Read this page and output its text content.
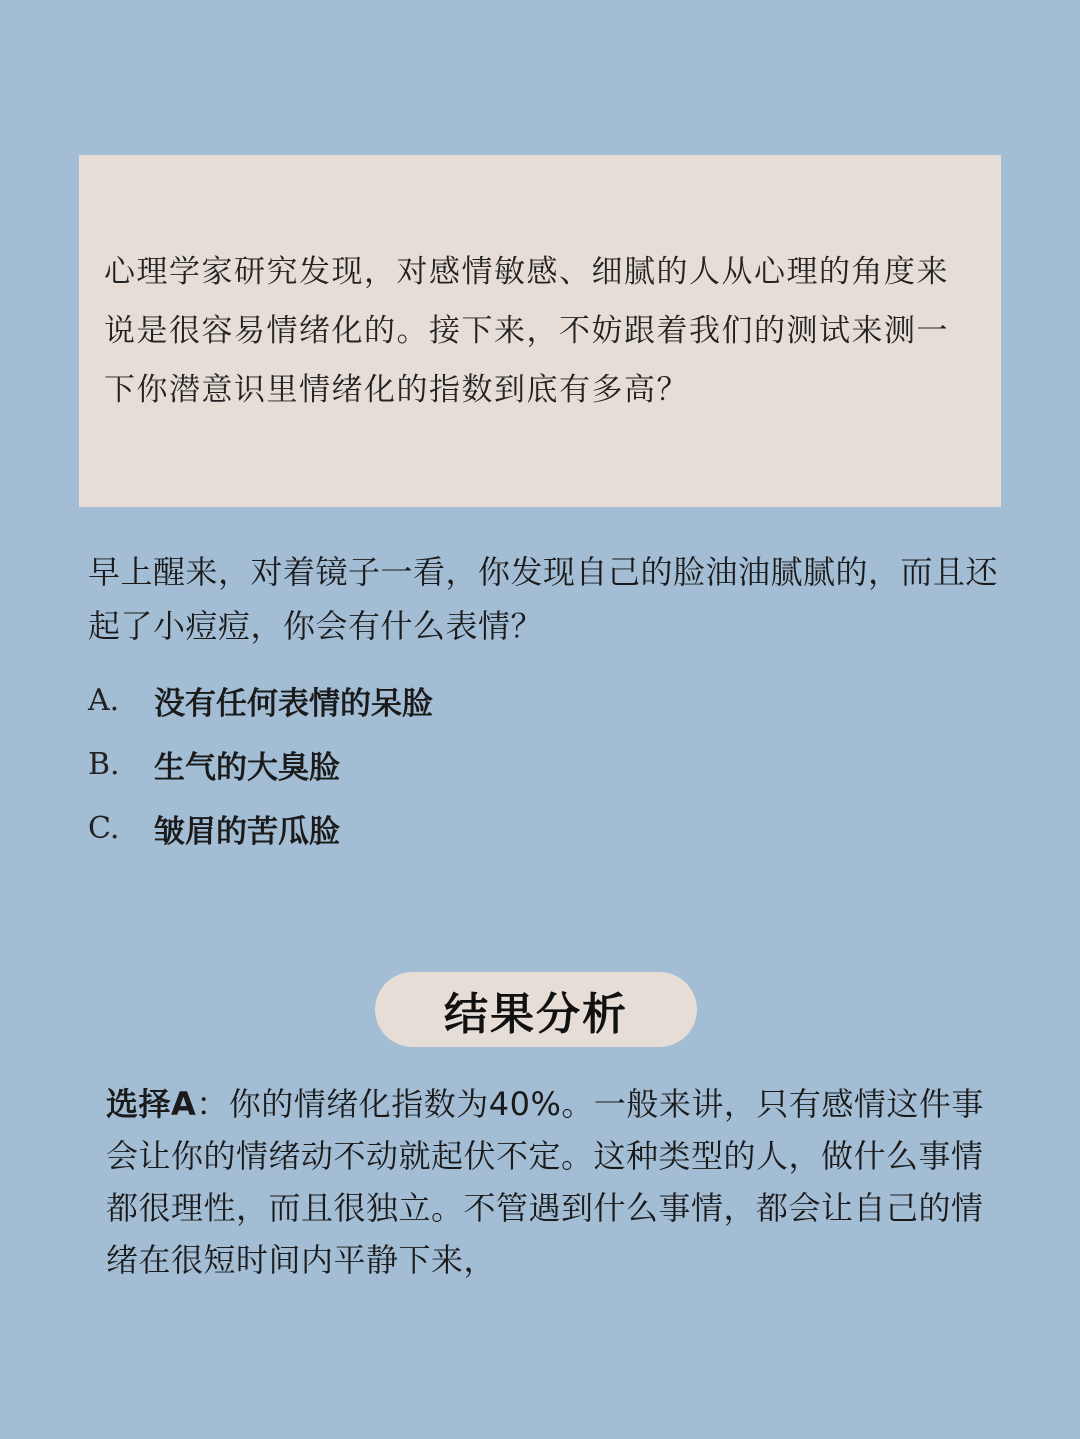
心理学家研究发现，对感情敏感、细腻的人从心理的角度来说是很容易情绪化的。接下来，不妨跟着我们的测试来测一下你潜意识里情绪化的指数到底有多高？

早上醒来，对着镜子一看，你发现自己的脸油油腻腻的，而且还起了小痘痘，你会有什么表情？

A.	没有任何表情的呆脸
B.	生气的大臭脸
C.	皱眉的苦瓜脸
结果分析

选择A：你的情绪化指数为40%。一般来讲，只有感情这件事会让你的情绪动不动就起伏不定。这种类型的人，做什么事情都很理性，而且很独立。不管遇到什么事情，都会让自己的情绪在很短时间内平静下来，
